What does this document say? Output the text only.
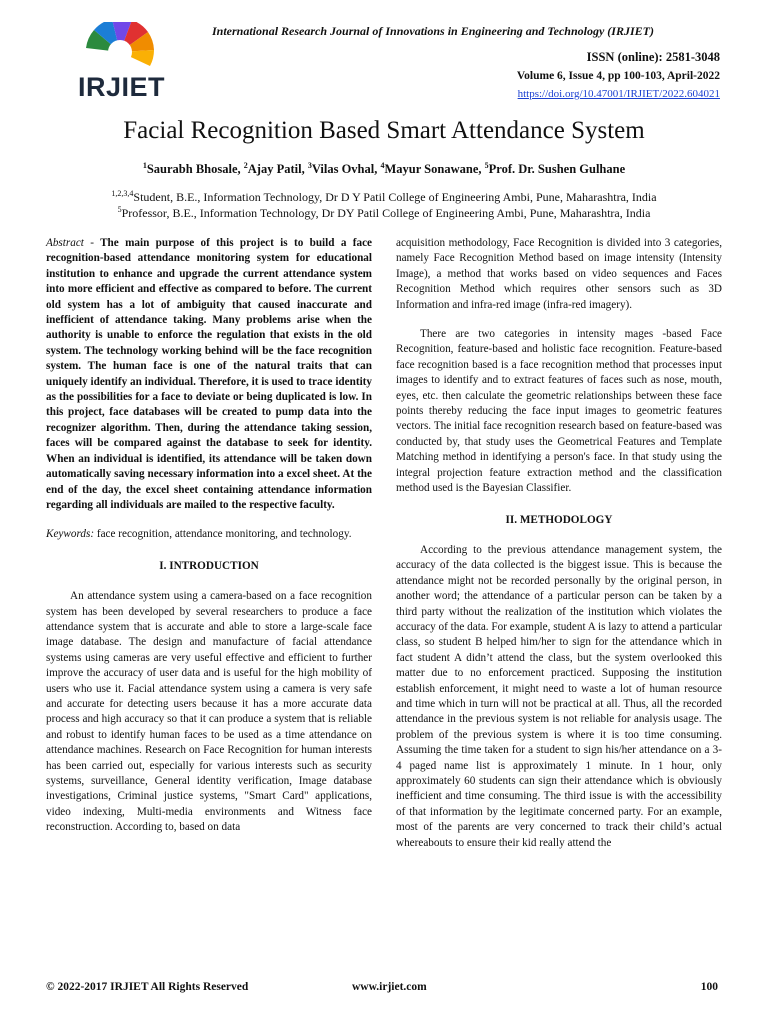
International Research Journal of Innovations in Engineering and Technology (IRJIET)
IRJIET
ISSN (online): 2581-3048
Volume 6, Issue 4, pp 100-103, April-2022
https://doi.org/10.47001/IRJIET/2022.604021
Facial Recognition Based Smart Attendance System
$^1$Saurabh Bhosale, $^2$Ajay Patil, $^3$Vilas Ovhal, $^4$Mayur Sonawane, $^5$Prof. Dr. Sushen Gulhane
$^{1,2,3,4}$Student, B.E., Information Technology, Dr D Y Patil College of Engineering Ambi, Pune, Maharashtra, India
$^5$Professor, B.E., Information Technology, Dr DY Patil College of Engineering Ambi, Pune, Maharashtra, India

Abstract - The main purpose of this project is to build a face recognition-based attendance monitoring system for educational institution to enhance and upgrade the current attendance system into more efficient and effective as compared to before. The current old system has a lot of ambiguity that caused inaccurate and inefficient of attendance taking. Many problems arise when the authority is unable to enforce the regulation that exists in the old system. The technology working behind will be the face recognition system. The human face is one of the natural traits that can uniquely identify an individual. Therefore, it is used to trace identity as the possibilities for a face to deviate or being duplicated is low. In this project, face databases will be created to pump data into the recognizer algorithm. Then, during the attendance taking session, faces will be compared against the database to seek for identity. When an individual is identified, its attendance will be taken down automatically saving necessary information into a excel sheet. At the end of the day, the excel sheet containing attendance information regarding all individuals are mailed to the respective faculty.

Keywords: face recognition, attendance monitoring, and technology.

I. INTRODUCTION

An attendance system using a camera-based on a face recognition system has been developed by several researchers to produce a face attendance system that is accurate and able to store a large-scale face image database. The design and manufacture of facial attendance systems using cameras are very useful effective and efficient to further improve the accuracy of user data and is useful for the high mobility of users who use it. Facial attendance system using a camera is very safe and accurate for detecting users because it has a more accurate data process and high accuracy so that it can produce a system that is reliable and robust to identify human faces to be used as a time attendance on attendance machines. Research on Face Recognition for human interests has been carried out, especially for various interests such as security systems, surveillance, General identity verification, Image database investigations, Criminal justice systems, "Smart Card" applications, video indexing, Multi-media environments and Witness face reconstruction. According to, based on data

acquisition methodology, Face Recognition is divided into 3 categories, namely Face Recognition Method based on image intensity (Intensity Image), a method that works based on video sequences and Faces Recognition Method which requires other sensors such as 3D Information and infra-red image (infra-red imagery).

There are two categories in intensity mages -based Face Recognition, feature-based and holistic face recognition. Feature-based face recognition based is a face recognition method that processes input images to identify and to extract features of faces such as nose, mouth, eyes, etc. then calculate the geometric relationships between these face points thereby reducing the face input images to geometric features vectors. The initial face recognition research based on feature-based was conducted by, that study uses the Geometrical Features and Template Matching method in identifying a person's face. In that study using the integral projection feature extraction method and the classification method used is the Bayesian Classifier.

II. METHODOLOGY

According to the previous attendance management system, the accuracy of the data collected is the biggest issue. This is because the attendance might not be recorded personally by the original person, in another word; the attendance of a particular person can be taken by a third party without the realization of the institution which violates the accuracy of the data. For example, student A is lazy to attend a particular class, so student B helped him/her to sign for the attendance which in fact student A didn’t attend the class, but the system overlooked this matter due to no enforcement practiced. Supposing the institution establish enforcement, it might need to waste a lot of human resource and time which in turn will not be practical at all. Thus, all the recorded attendance in the previous system is not reliable for analysis usage. The problem of the previous system is where it is too time consuming. Assuming the time taken for a student to sign his/her attendance on a 3-4 paged name list is approximately 1 minute. In 1 hour, only approximately 60 students can sign their attendance which is obviously inefficient and time consuming. The third issue is with the accessibility of that information by the legitimate concerned party. For an example, most of the parents are very concerned to track their child’s actual whereabouts to ensure their kid really attend the

© 2022-2017 IRJIET All Rights Reserved	www.irjiet.com	100
